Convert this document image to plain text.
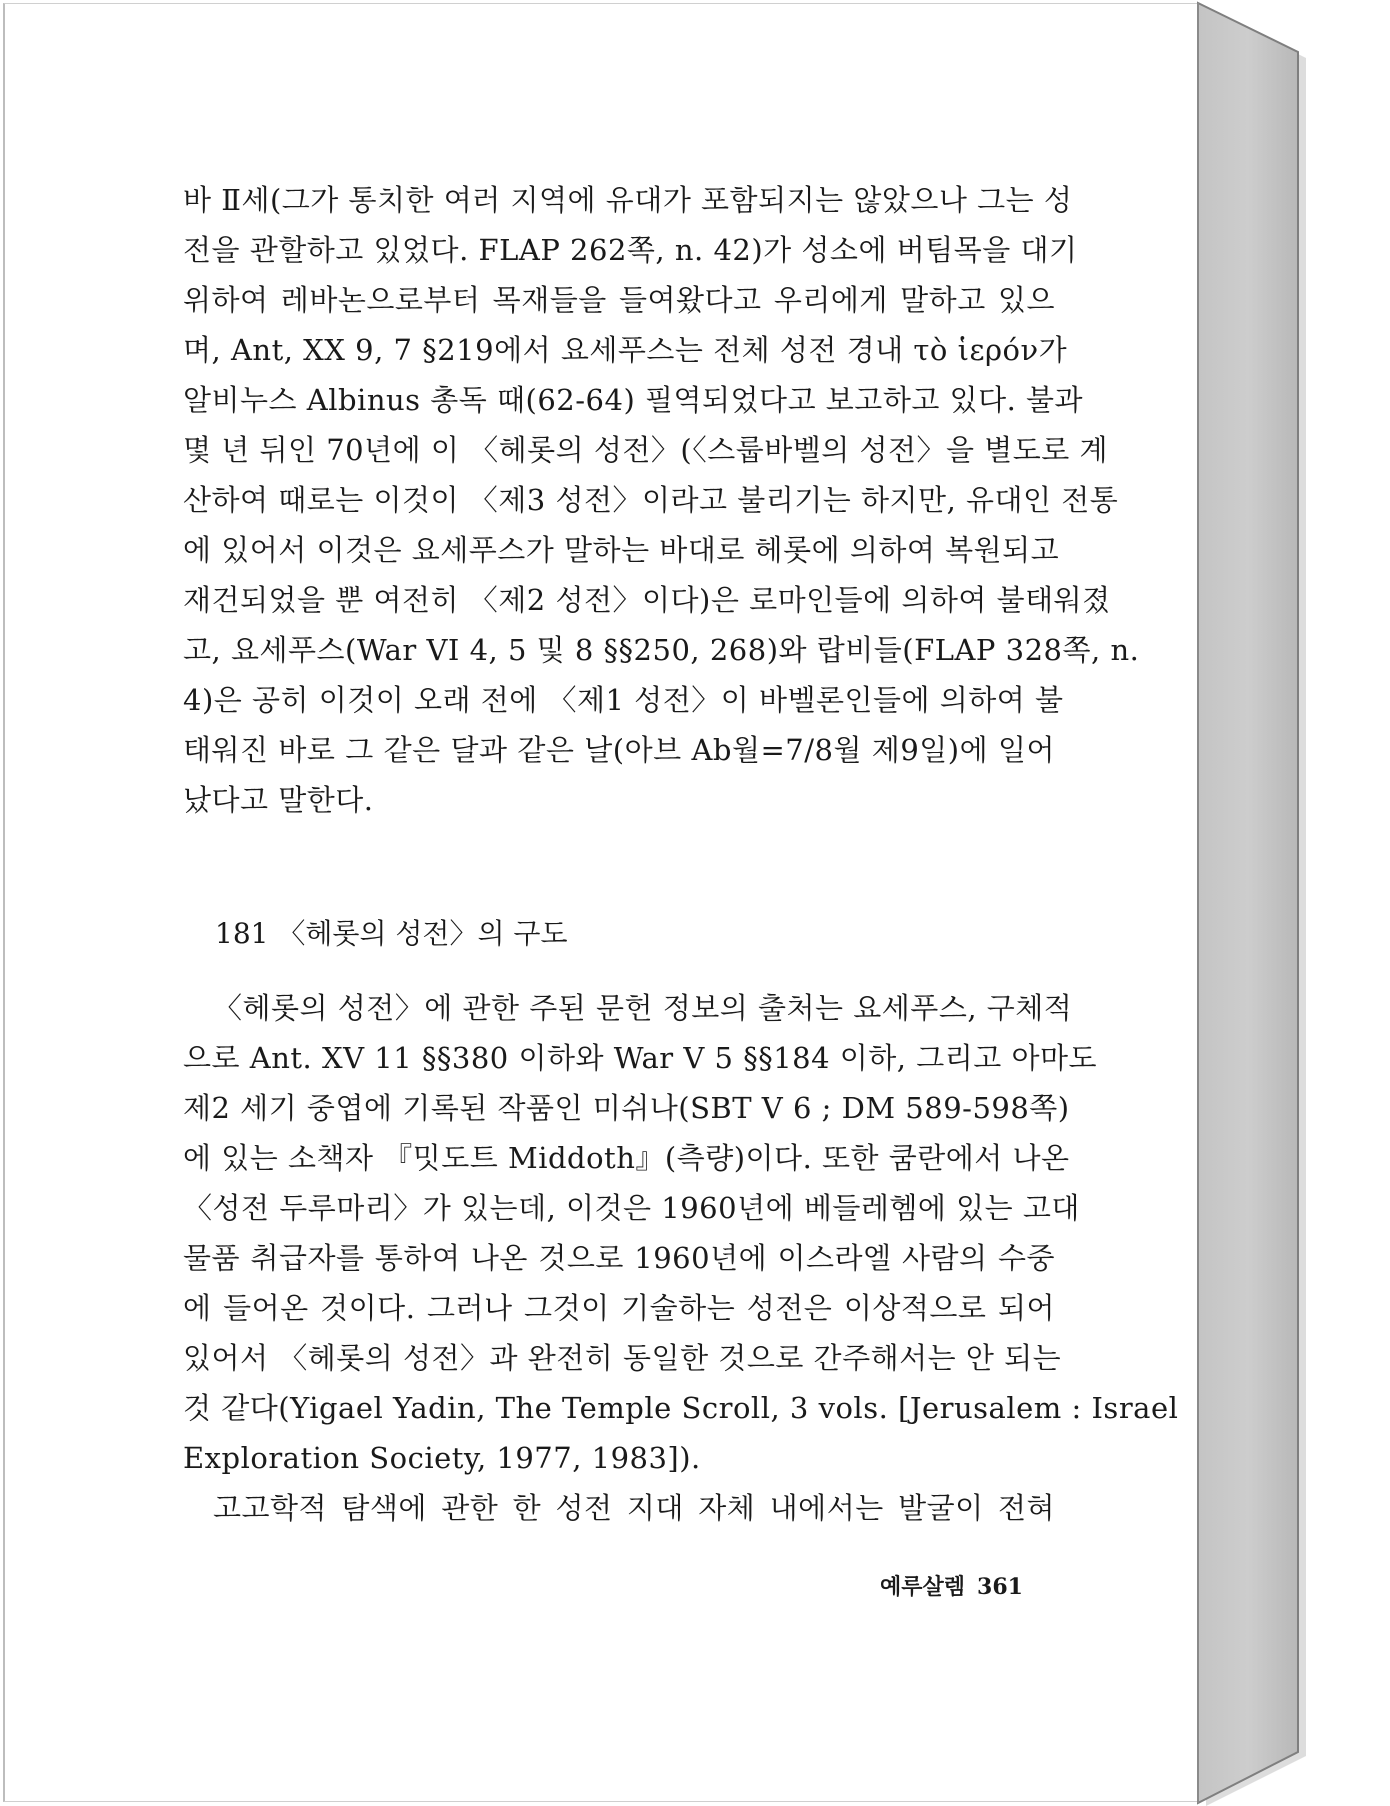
바 Ⅱ세(그가 통치한 여러 지역에 유대가 포함되지는 않았으나 그는 성
전을 관할하고 있었다. FLAP 262쪽, n. 42)가 성소에 버팀목을 대기
위하여 레바논으로부터 목재들을 들여왔다고 우리에게 말하고 있으
며, Ant, XX 9, 7 §219에서 요세푸스는 전체 성전 경내 τὸ ἱερόν가
알비누스 Albinus 총독 때(62-64) 필역되었다고 보고하고 있다. 불과
몇 년 뒤인 70년에 이 〈헤롯의 성전〉(〈스룹바벨의 성전〉을 별도로 계
산하여 때로는 이것이 〈제3 성전〉이라고 불리기는 하지만, 유대인 전통
에 있어서 이것은 요세푸스가 말하는 바대로 헤롯에 의하여 복원되고
재건되었을 뿐 여전히 〈제2 성전〉이다)은 로마인들에 의하여 불태워졌
고, 요세푸스(War VI 4, 5 및 8 §§250, 268)와 랍비들(FLAP 328쪽, n.
4)은 공히 이것이 오래 전에 〈제1 성전〉이 바벨론인들에 의하여 불
태워진 바로 그 같은 달과 같은 날(아브 Ab월=7/8월 제9일)에 일어
났다고 말한다.
181 〈헤롯의 성전〉의 구도
〈헤롯의 성전〉에 관한 주된 문헌 정보의 출처는 요세푸스, 구체적
으로 Ant. XV 11 §§380 이하와 War V 5 §§184 이하, 그리고 아마도
제2 세기 중엽에 기록된 작품인 미쉬나(SBT V 6 ; DM 589-598쪽)
에 있는 소책자 『밋도트 Middoth』(측량)이다. 또한 쿰란에서 나온
〈성전 두루마리〉가 있는데, 이것은 1960년에 베들레헴에 있는 고대
물품 취급자를 통하여 나온 것으로 1960년에 이스라엘 사람의 수중
에 들어온 것이다. 그러나 그것이 기술하는 성전은 이상적으로 되어
있어서 〈헤롯의 성전〉과 완전히 동일한 것으로 간주해서는 안 되는
것 같다(Yigael Yadin, The Temple Scroll, 3 vols. [Jerusalem : Israel
Exploration Society, 1977, 1983]).
고고학적 탐색에 관한 한 성전 지대 자체 내에서는 발굴이 전혀
예루살렘 361
